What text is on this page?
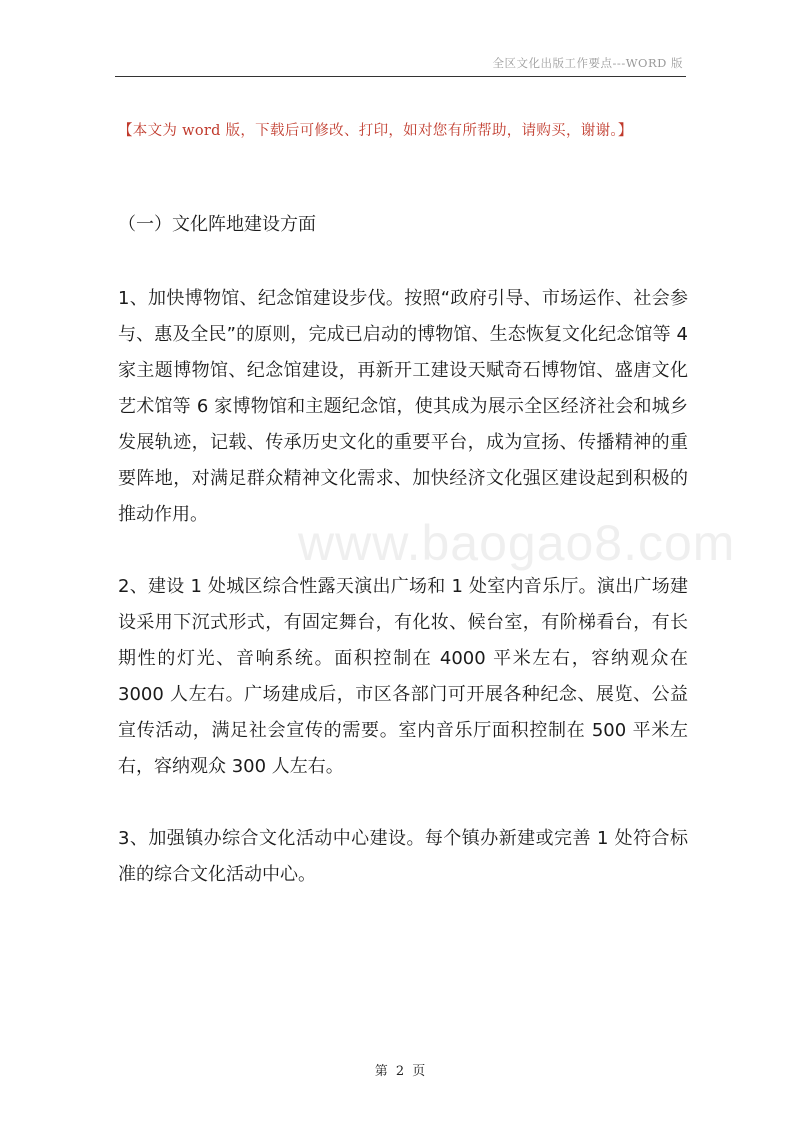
全区文化出版工作要点---WORD 版
【本文为 word 版，下载后可修改、打印，如对您有所帮助，请购买，谢谢。】

（一）文化阵地建设方面

1、加快博物馆、纪念馆建设步伐。按照“政府引导、市场运作、社会参与、惠及全民”的原则，完成已启动的博物馆、生态恢复文化纪念馆等 4 家主题博物馆、纪念馆建设，再新开工建设天赋奇石博物馆、盛唐文化艺术馆等 6 家博物馆和主题纪念馆，使其成为展示全区经济社会和城乡发展轨迹，记载、传承历史文化的重要平台，成为宣扬、传播精神的重要阵地，对满足群众精神文化需求、加快经济文化强区建设起到积极的推动作用。

2、建设 1 处城区综合性露天演出广场和 1 处室内音乐厅。演出广场建设采用下沉式形式，有固定舞台，有化妆、候台室，有阶梯看台，有长期性的灯光、音响系统。面积控制在 4000 平米左右，容纳观众在 3000 人左右。广场建成后，市区各部门可开展各种纪念、展览、公益宣传活动，满足社会宣传的需要。室内音乐厅面积控制在 500 平米左右，容纳观众 300 人左右。

3、加强镇办综合文化活动中心建设。每个镇办新建或完善 1 处符合标准的综合文化活动中心。

www.baogao8.com
第 2 页
